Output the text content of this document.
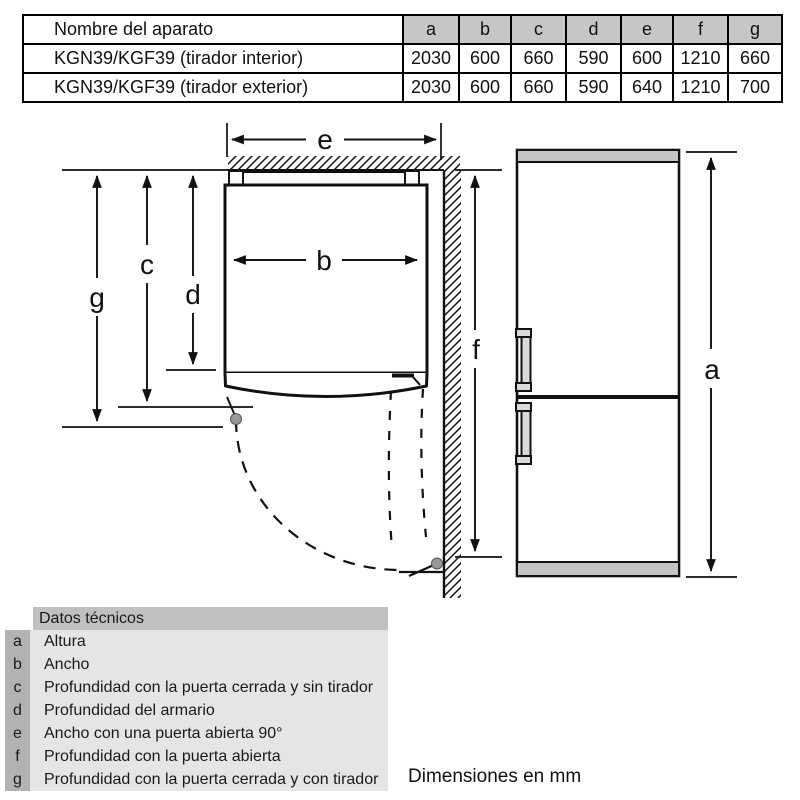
Nombre del aparato	a	b	c	d	e	f	g
KGN39/KGF39 (tirador interior)	2030	600	660	590	600	1210	660
KGN39/KGF39 (tirador exterior)	2030	600	660	590	640	1210	700
e
b
g
c
d
f
a
Datos técnicos
a	Altura
b	Ancho
c	Profundidad con la puerta cerrada y sin tirador
d	Profundidad del armario
e	Ancho con una puerta abierta 90°
f	Profundidad con la puerta abierta
g	Profundidad con la puerta cerrada y con tirador	Dimensiones en mm
